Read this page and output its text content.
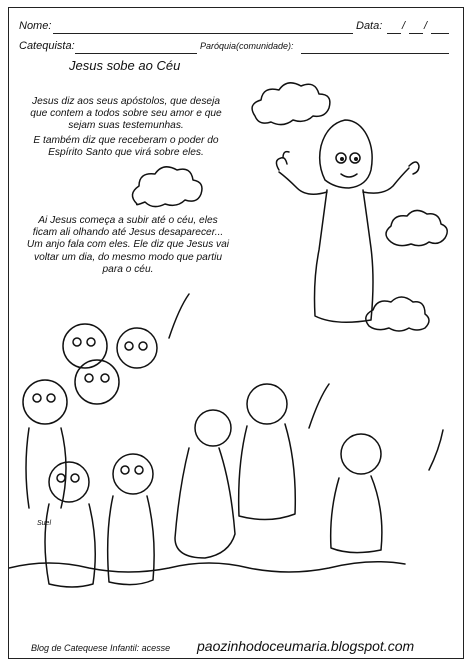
Nome:	Data: / /
Catequista:	Paróquia(comunidade):
Jesus sobe ao Céu
Jesus diz aos seus apóstolos, que deseja
que contem a todos sobre seu amor e que
sejam suas testemunhas.
E também diz que receberam o poder do
Espírito Santo que virá sobre eles.
Ai Jesus começa a subir até o céu, eles
ficam ali olhando até Jesus desaparecer...
Um anjo fala com eles. Ele diz que Jesus vai
voltar um dia, do mesmo modo que partiu
para o céu.
Suel
Blog de Catequese Infantil: acesse paozinhodoceumaria.blogspot.com
